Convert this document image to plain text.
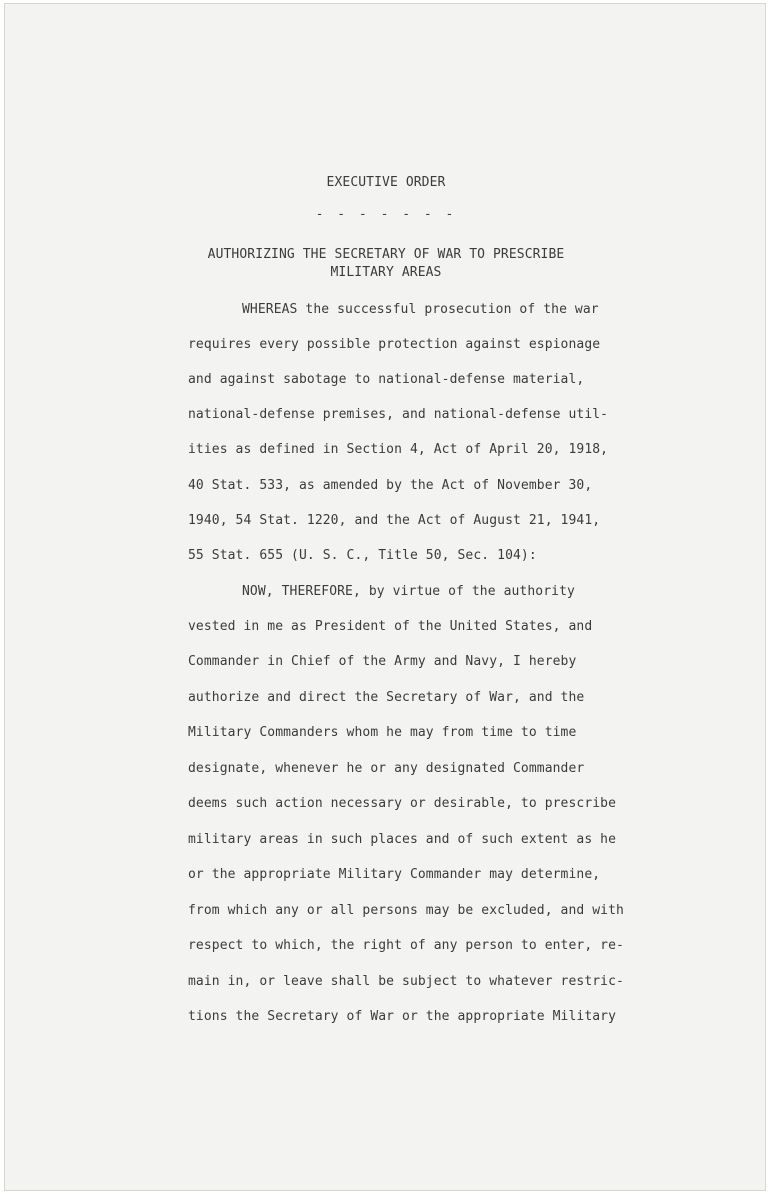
EXECUTIVE ORDER
- - - - - - -
AUTHORIZING THE SECRETARY OF WAR TO PRESCRIBE
MILITARY AREAS
WHEREAS the successful prosecution of the war
requires every possible protection against espionage
and against sabotage to national-defense material,
national-defense premises, and national-defense util-
ities as defined in Section 4, Act of April 20, 1918,
40 Stat. 533, as amended by the Act of November 30,
1940, 54 Stat. 1220, and the Act of August 21, 1941,
55 Stat. 655 (U. S. C., Title 50, Sec. 104):
NOW, THEREFORE, by virtue of the authority
vested in me as President of the United States, and
Commander in Chief of the Army and Navy, I hereby
authorize and direct the Secretary of War, and the
Military Commanders whom he may from time to time
designate, whenever he or any designated Commander
deems such action necessary or desirable, to prescribe
military areas in such places and of such extent as he
or the appropriate Military Commander may determine,
from which any or all persons may be excluded, and with
respect to which, the right of any person to enter, re-
main in, or leave shall be subject to whatever restric-
tions the Secretary of War or the appropriate Military
